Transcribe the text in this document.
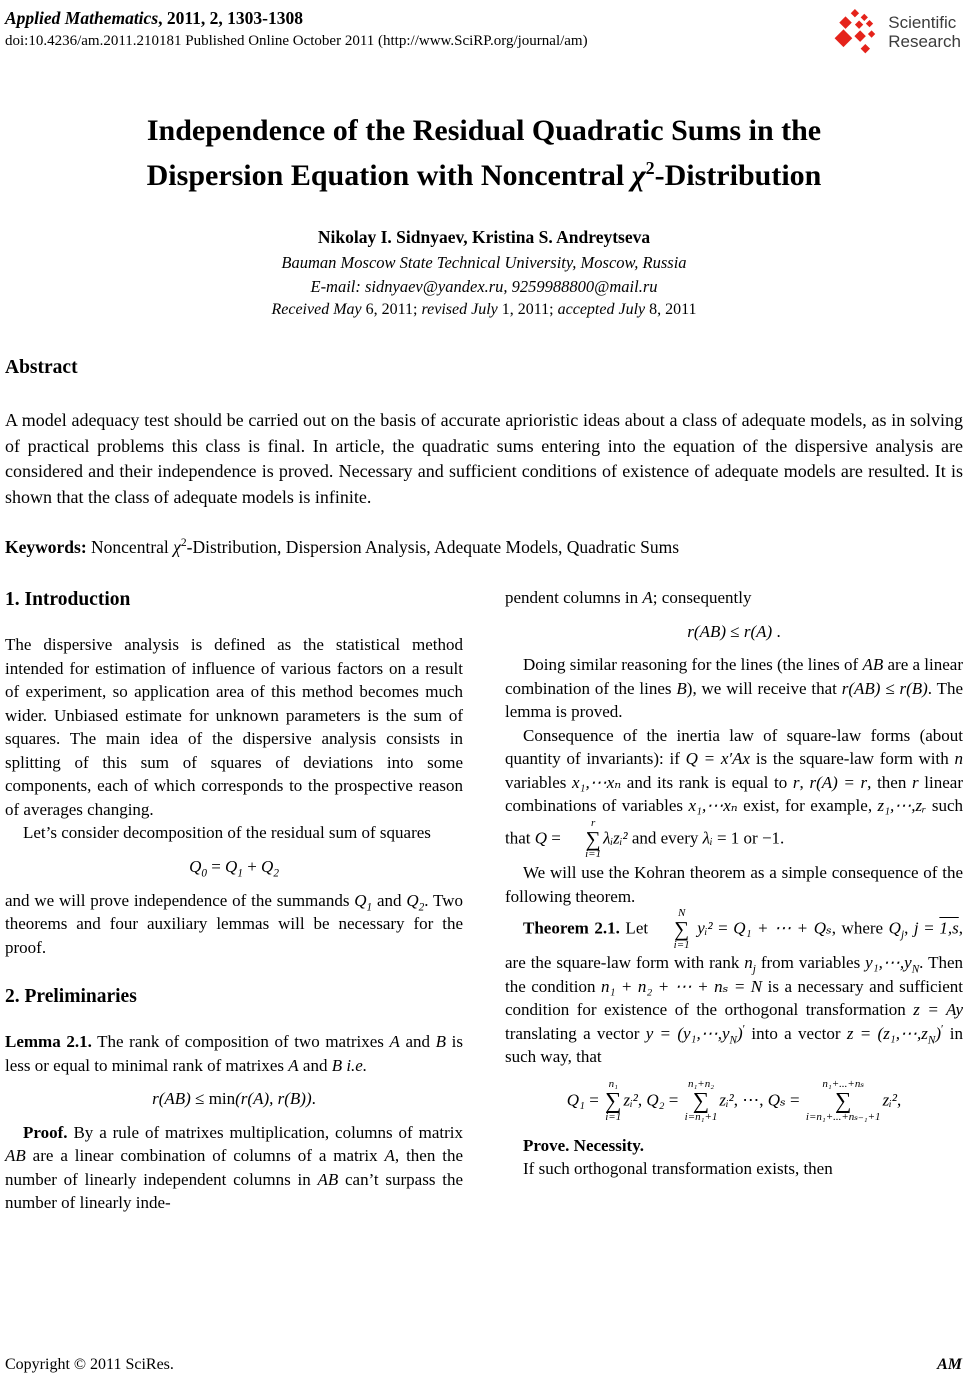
Applied Mathematics, 2011, 2, 1303-1308
doi:10.4236/am.2011.210181 Published Online October 2011 (http://www.SciRP.org/journal/am)
Scientific
Research
Independence of the Residual Quadratic Sums in the
Dispersion Equation with Noncentral $\chi^2$-Distribution
Nikolay I. Sidnyaev, Kristina S. Andreytseva
Bauman Moscow State Technical University, Moscow, Russia
E-mail: sidnyaev@yandex.ru, 9259988800@mail.ru
Received May 6, 2011; revised July 1, 2011; accepted July 8, 2011
Abstract

A model adequacy test should be carried out on the basis of accurate aprioristic ideas about a class of adequate models, as in solving of practical problems this class is final. In article, the quadratic sums entering into the equation of the dispersive analysis are considered and their independence is proved. Necessary and sufficient conditions of existence of adequate models are resulted. It is shown that the class of adequate models is infinite.

Keywords: Noncentral $\chi^2$-Distribution, Dispersion Analysis, Adequate Models, Quadratic Sums

1. Introduction

The dispersive analysis is defined as the statistical method intended for estimation of influence of various factors on a result of experiment, so application area of this method becomes much wider. Unbiased estimate for unknown parameters is the sum of squares. The main idea of the dispersive analysis consists in splitting of this sum of squares of deviations into some components, each of which corresponds to the prospective reason of averages changing.

Let’s consider decomposition of the residual sum of squares

$Q_0 = Q_1 + Q_2$

and we will prove independence of the summands $Q_1$ and $Q_2$. Two theorems and four auxiliary lemmas will be necessary for the proof.

2. Preliminaries

Lemma 2.1. The rank of composition of two matrixes A and B is less or equal to minimal rank of matrixes A and B i.e.

r(AB) ≤ min(r(A), r(B)).

Proof. By a rule of matrixes multiplication, columns of matrix AB are a linear combination of columns of a matrix A, then the number of linearly independent columns in AB can’t surpass the number of linearly inde-

pendent columns in A; consequently

r(AB) ≤ r(A) .

Doing similar reasoning for the lines (the lines of AB are a linear combination of the lines B), we will receive that r(AB) ≤ r(B). The lemma is proved.

Consequence of the inertia law of square-law forms (about quantity of invariants): if Q = x′Ax is the square-law form with n variables x₁,⋯xₙ and its rank is equal to r, r(A) = r, then r linear combinations of variables x₁,⋯xₙ exist, for example, z₁,⋯,zᵣ such that Q =
r
∑
i=1
λᵢzᵢ² and every λᵢ = 1 or −1.

We will use the Kohran theorem as a simple consequence of the following theorem.

Theorem 2.1. Let
N
∑
i=1
yᵢ² = Q₁ + ⋯ + Qₛ, where $Q_j$, j = 1,s, are the square-law form with rank $n_j$ from variables $y_1,\cdots,y_N$. Then the condition n₁ + n₂ + ⋯ + nₛ = N is a necessary and sufficient condition for existence of the orthogonal transformation z = Ay translating a vector $y = (y_1,\cdots,y_N)'$ into a vector $z = (z_1,\cdots,z_N)'$ in such way, that

Q₁ =
n₁
∑
i=1
zᵢ², Q₂ =
n₁+n₂
∑
i=n₁+1
zᵢ², ⋯, Qₛ =
n₁+...+nₛ
∑
i=n₁+...+nₛ₋₁+1
zᵢ²,

Prove. Necessity.

If such orthogonal transformation exists, then

Copyright © 2011 SciRes.	AM
